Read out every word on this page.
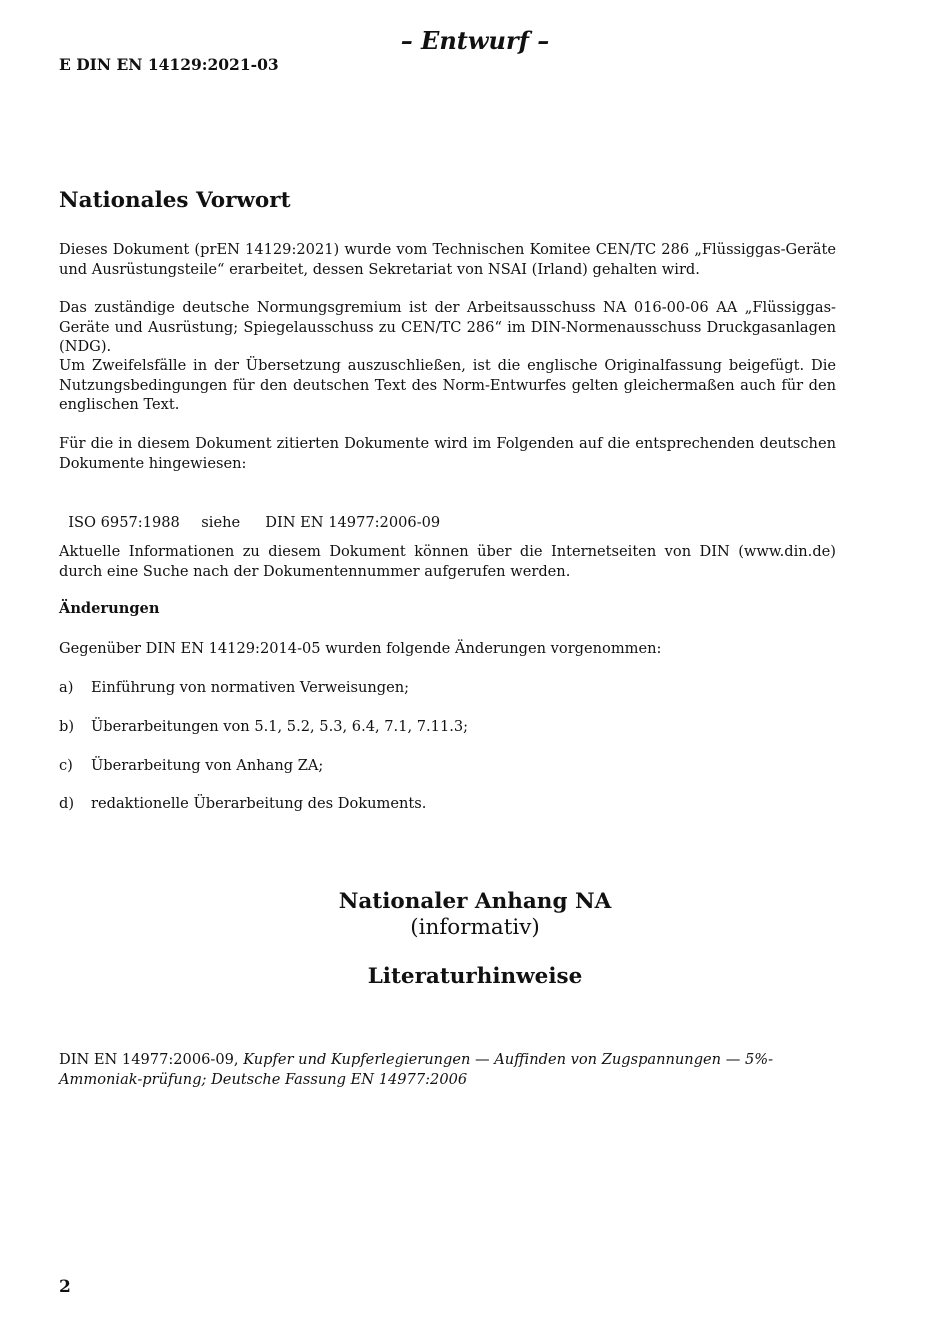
– Entwurf –
E DIN EN 14129:2021-03
Nationales Vorwort

Dieses Dokument (prEN 14129:2021) wurde vom Technischen Komitee CEN/TC 286 „Flüssiggas-Geräte und Ausrüstungsteile“ erarbeitet, dessen Sekretariat von NSAI (Irland) gehalten wird.

Das zuständige deutsche Normungsgremium ist der Arbeitsausschuss NA 016-00-06 AA „Flüssiggas-Geräte und Ausrüstung; Spiegelausschuss zu CEN/TC 286“ im DIN-Normenausschuss Druckgasanlagen (NDG).

Um Zweifelsfälle in der Übersetzung auszuschließen, ist die englische Originalfassung beigefügt. Die Nutzungsbedingungen für den deutschen Text des Norm-Entwurfes gelten gleichermaßen auch für den englischen Text.

Für die in diesem Dokument zitierten Dokumente wird im Folgenden auf die entsprechenden deutschen Dokumente hingewiesen:

ISO 6957:1988 siehe DIN EN 14977:2006-09

Aktuelle Informationen zu diesem Dokument können über die Internetseiten von DIN (www.din.de) durch eine Suche nach der Dokumentennummer aufgerufen werden.

Änderungen
Gegenüber DIN EN 14129:2014-05 wurden folgende Änderungen vorgenommen:
a) Einführung von normativen Verweisungen;
b) Überarbeitungen von 5.1, 5.2, 5.3, 6.4, 7.1, 7.11.3;
c) Überarbeitung von Anhang ZA;
d) redaktionelle Überarbeitung des Dokuments.
Nationaler Anhang NA
(informativ)
Literaturhinweise

DIN EN 14977:2006-09, Kupfer und Kupferlegierungen — Auffinden von Zugspannungen — 5%-Ammoniak-prüfung; Deutsche Fassung EN 14977:2006

2
